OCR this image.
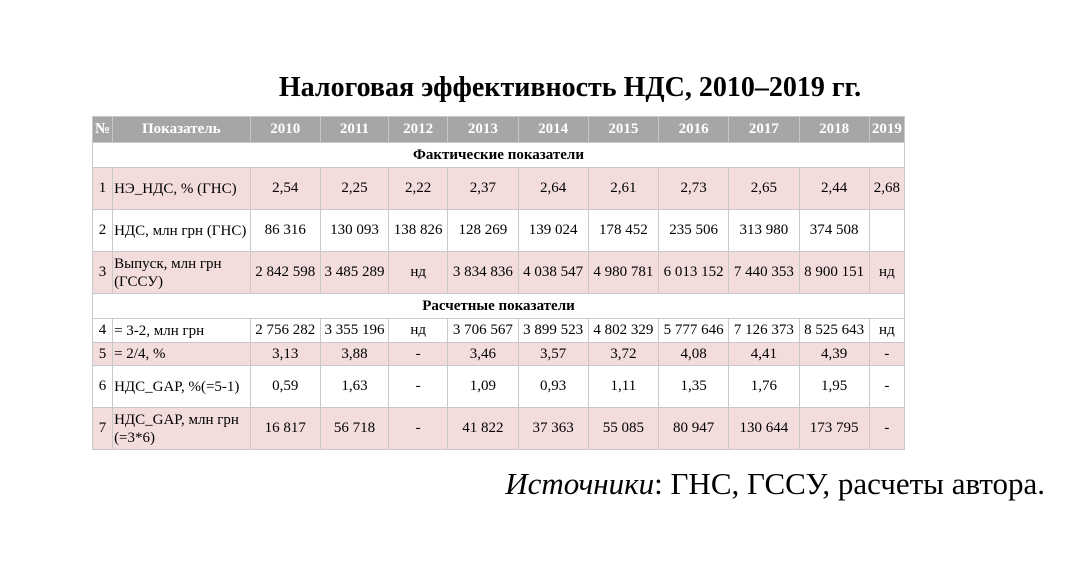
Налоговая эффективность НДС, 2010–2019 гг.
№	Показатель	2010	2011	2012	2013	2014	2015	2016	2017	2018	2019
Фактические показатели											
1	НЭ_НДС, % (ГНС)	2,54	2,25	2,22	2,37	2,64	2,61	2,73	2,65	2,44	2,68
2	НДС, млн грн (ГНС)	86 316	130 093	138 826	128 269	139 024	178 452	235 506	313 980	374 508	
3	Выпуск, млн грн (ГССУ)	2 842 598	3 485 289	нд	3 834 836	4 038 547	4 980 781	6 013 152	7 440 353	8 900 151	нд
Расчетные показатели											
4	= 3-2, млн грн	2 756 282	3 355 196	нд	3 706 567	3 899 523	4 802 329	5 777 646	7 126 373	8 525 643	нд
5	= 2/4, %	3,13	3,88	-	3,46	3,57	3,72	4,08	4,41	4,39	-
6	НДС_GAP, %(=5-1)	0,59	1,63	-	1,09	0,93	1,11	1,35	1,76	1,95	-
7	НДС_GAP, млн грн (=3*6)	16 817	56 718	-	41 822	37 363	55 085	80 947	130 644	173 795	-
Источники: ГНС, ГССУ, расчеты автора.
